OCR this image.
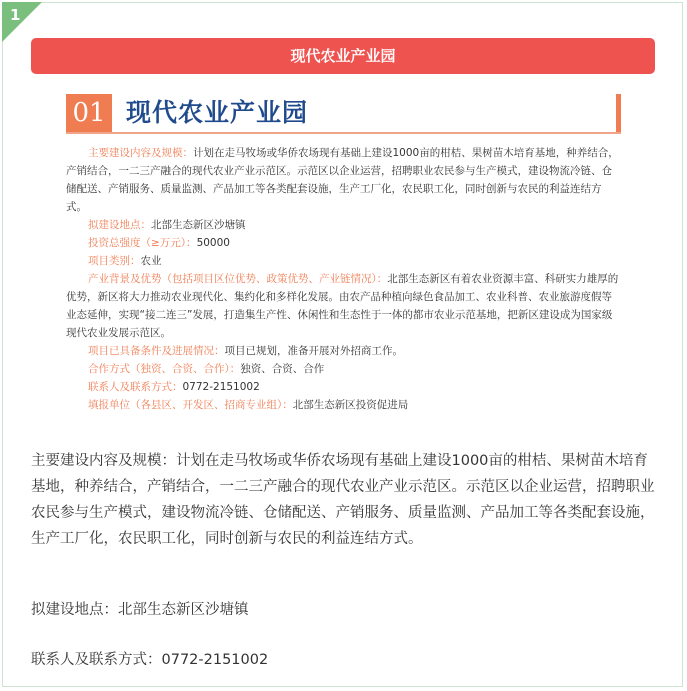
1
现代农业产业园
01 现代农业产业园

主要建设内容及规模：计划在走马牧场或华侨农场现有基础上建设1000亩的柑桔、果树苗木培育基地，种养结合，产销结合，一二三产融合的现代农业产业示范区。示范区以企业运营，招聘职业农民参与生产模式，建设物流冷链、仓储配送、产销服务、质量监测、产品加工等各类配套设施，生产工厂化，农民职工化，同时创新与农民的利益连结方式。

拟建设地点：北部生态新区沙塘镇

投资总强度（≥万元）：50000

项目类别：农业

产业背景及优势（包括项目区位优势、政策优势、产业链情况）：北部生态新区有着农业资源丰富、科研实力雄厚的优势，新区将大力推动农业现代化、集约化和多样化发展。由农产品种植向绿色食品加工、农业科普、农业旅游度假等业态延伸，实现“接二连三”发展，打造集生产性、休闲性和生态性于一体的都市农业示范基地，把新区建设成为国家级现代农业发展示范区。

项目已具备条件及进展情况：项目已规划，准备开展对外招商工作。

合作方式（独资、合资、合作）：独资、合资、合作

联系人及联系方式：0772-2151002

填报单位（各县区、开发区、招商专业组）：北部生态新区投资促进局

主要建设内容及规模：计划在走马牧场或华侨农场现有基础上建设1000亩的柑桔、果树苗木培育基地，种养结合，产销结合，一二三产融合的现代农业产业示范区。示范区以企业运营，招聘职业农民参与生产模式，建设物流冷链、仓储配送、产销服务、质量监测、产品加工等各类配套设施，生产工厂化，农民职工化，同时创新与农民的利益连结方式。

拟建设地点：北部生态新区沙塘镇

联系人及联系方式：0772-2151002
